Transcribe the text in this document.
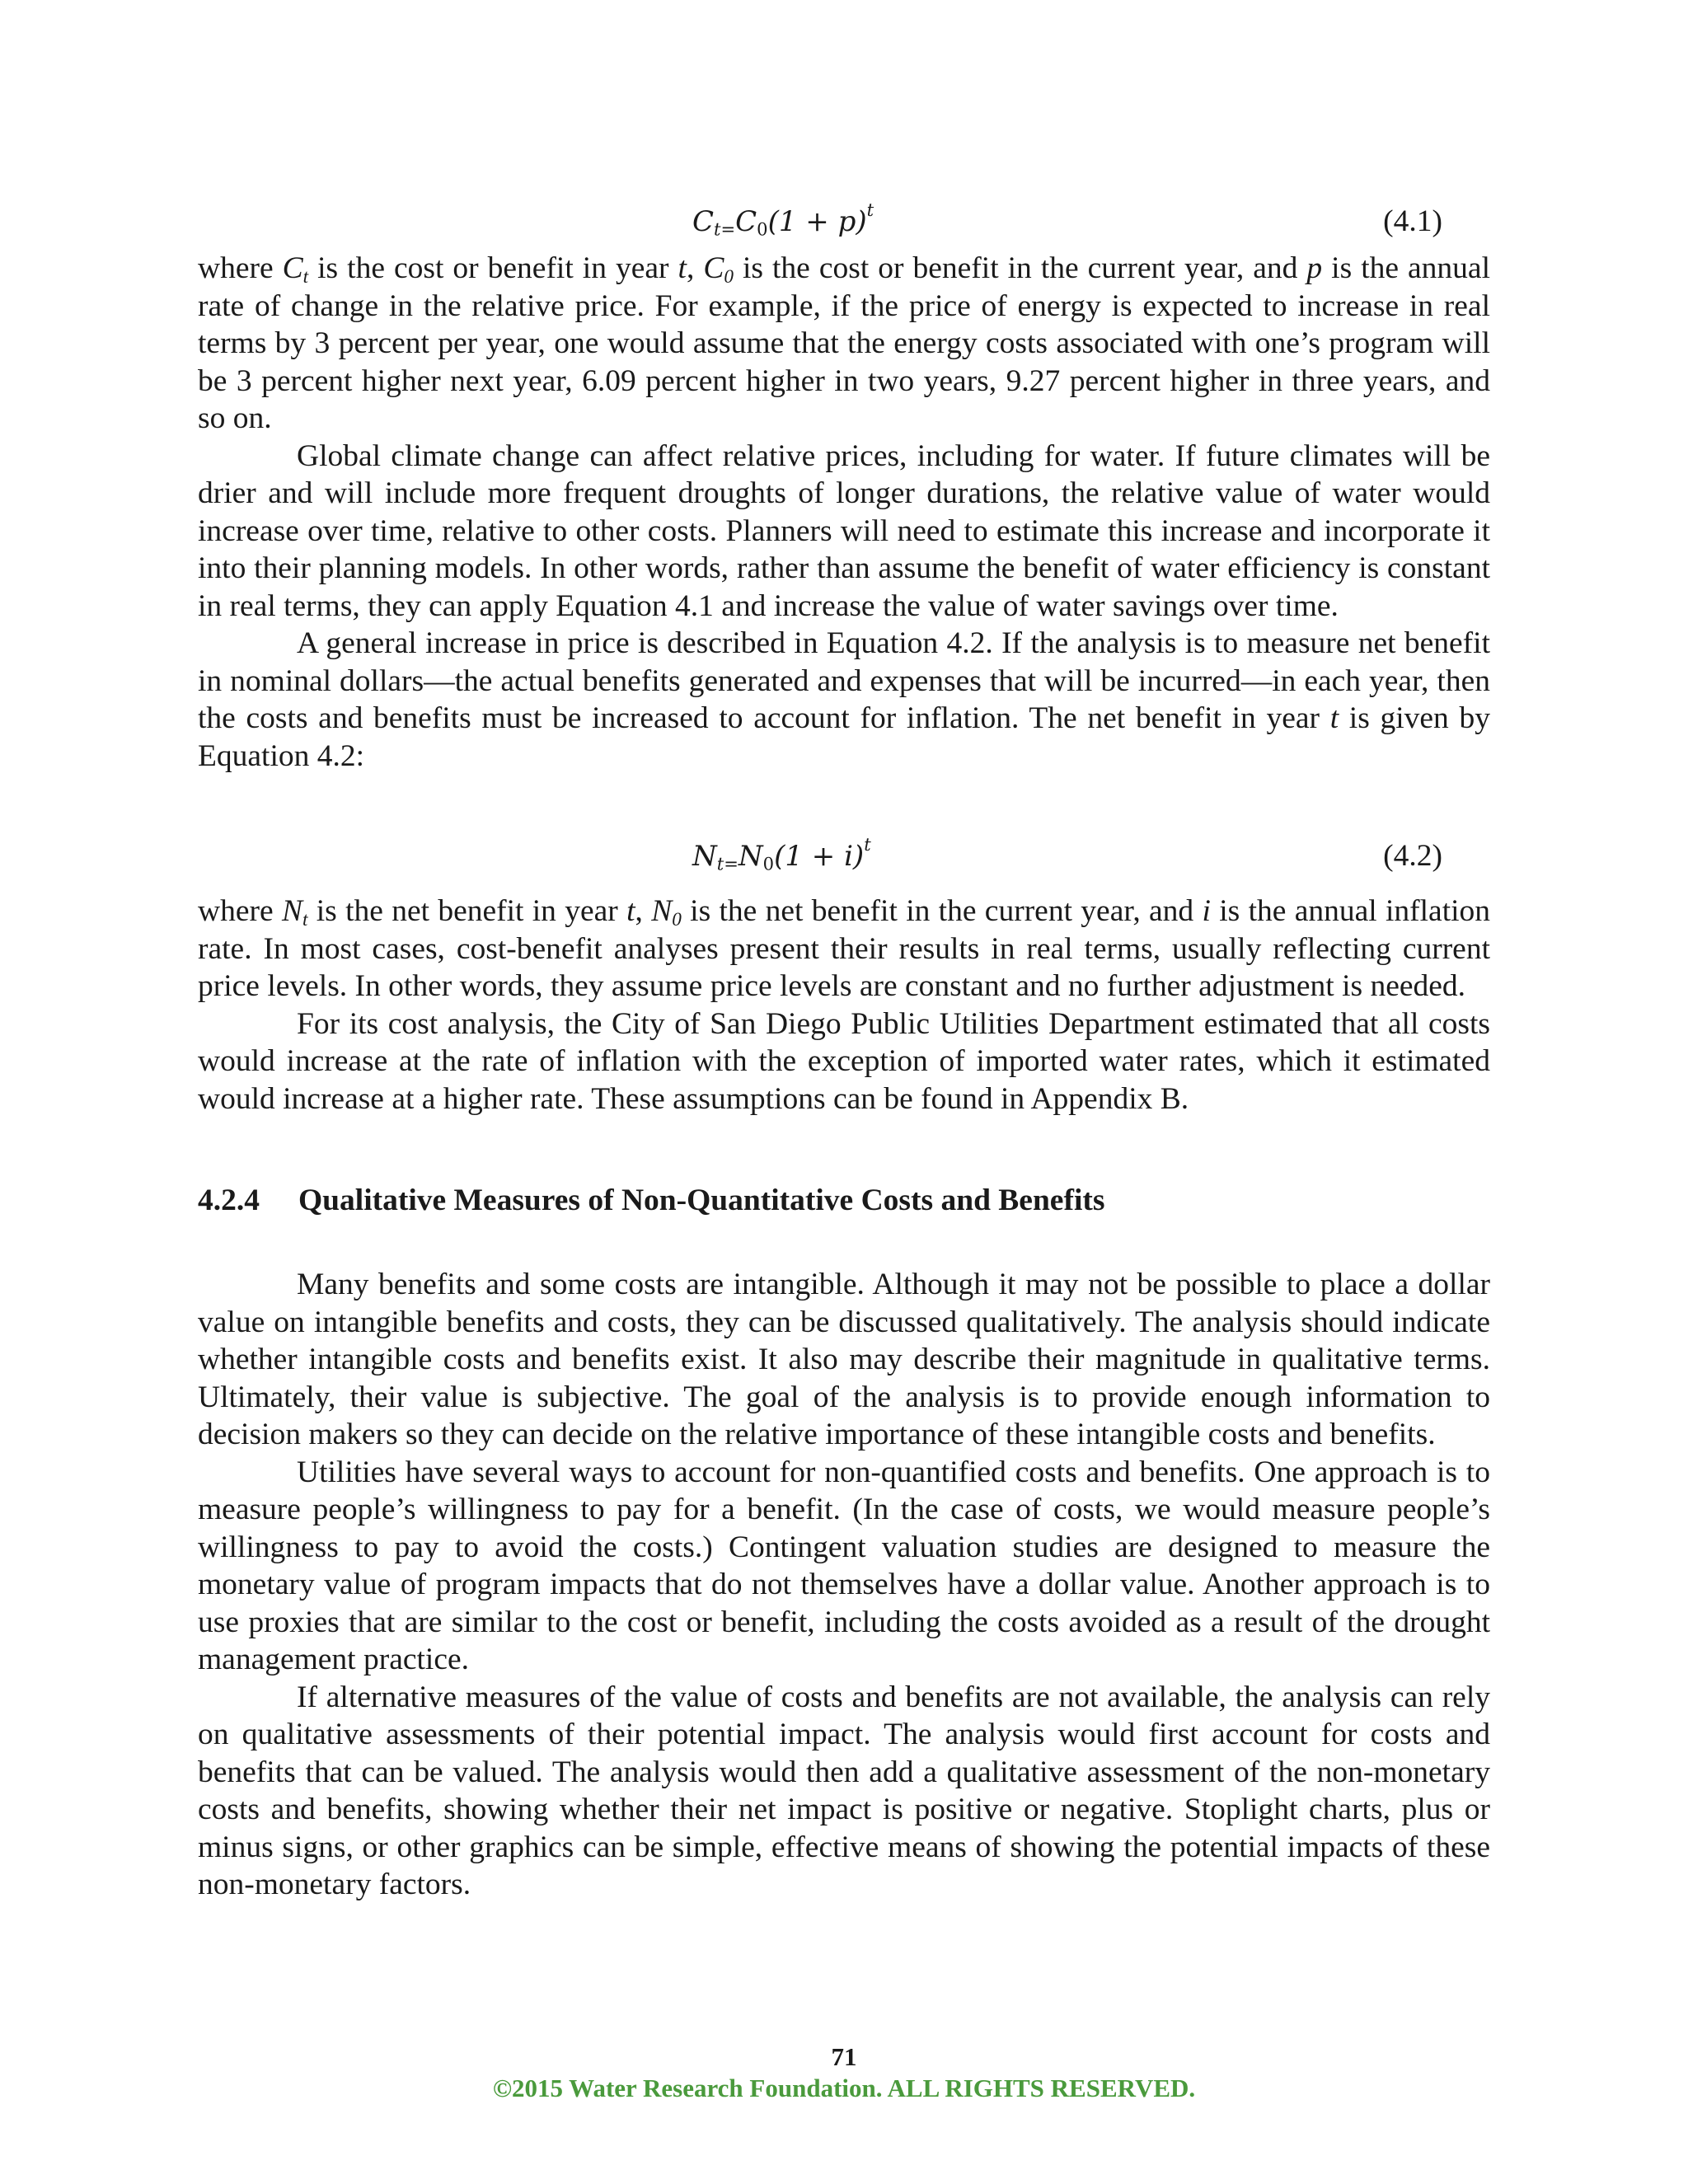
$C_{t=}C_0(1 + p)^t$	(4.1)

where $C_t$ is the cost or benefit in year t, $C_0$ is the cost or benefit in the current year, and p is the annual rate of change in the relative price. For example, if the price of energy is expected to increase in real terms by 3 percent per year, one would assume that the energy costs associated with one’s program will be 3 percent higher next year, 6.09 percent higher in two years, 9.27 percent higher in three years, and so on.

Global climate change can affect relative prices, including for water. If future climates will be drier and will include more frequent droughts of longer durations, the relative value of water would increase over time, relative to other costs. Planners will need to estimate this increase and incorporate it into their planning models. In other words, rather than assume the benefit of water efficiency is constant in real terms, they can apply Equation 4.1 and increase the value of water savings over time.

A general increase in price is described in Equation 4.2. If the analysis is to measure net benefit in nominal dollars—the actual benefits generated and expenses that will be incurred—in each year, then the costs and benefits must be increased to account for inflation. The net benefit in year t is given by Equation 4.2:

$N_{t=}N_0(1 + i)^t$	(4.2)

where $N_t$ is the net benefit in year t, $N_0$ is the net benefit in the current year, and i is the annual inflation rate. In most cases, cost-benefit analyses present their results in real terms, usually reflecting current price levels. In other words, they assume price levels are constant and no further adjustment is needed.

For its cost analysis, the City of San Diego Public Utilities Department estimated that all costs would increase at the rate of inflation with the exception of imported water rates, which it estimated would increase at a higher rate. These assumptions can be found in Appendix B.

4.2.4 Qualitative Measures of Non-Quantitative Costs and Benefits

Many benefits and some costs are intangible. Although it may not be possible to place a dollar value on intangible benefits and costs, they can be discussed qualitatively. The analysis should indicate whether intangible costs and benefits exist. It also may describe their magnitude in qualitative terms. Ultimately, their value is subjective. The goal of the analysis is to provide enough information to decision makers so they can decide on the relative importance of these intangible costs and benefits.

Utilities have several ways to account for non-quantified costs and benefits. One approach is to measure people’s willingness to pay for a benefit. (In the case of costs, we would measure people’s willingness to pay to avoid the costs.) Contingent valuation studies are designed to measure the monetary value of program impacts that do not themselves have a dollar value. Another approach is to use proxies that are similar to the cost or benefit, including the costs avoided as a result of the drought management practice.

If alternative measures of the value of costs and benefits are not available, the analysis can rely on qualitative assessments of their potential impact. The analysis would first account for costs and benefits that can be valued. The analysis would then add a qualitative assessment of the non-monetary costs and benefits, showing whether their net impact is positive or negative. Stoplight charts, plus or minus signs, or other graphics can be simple, effective means of showing the potential impacts of these non-monetary factors.

71
©2015 Water Research Foundation. ALL RIGHTS RESERVED.
